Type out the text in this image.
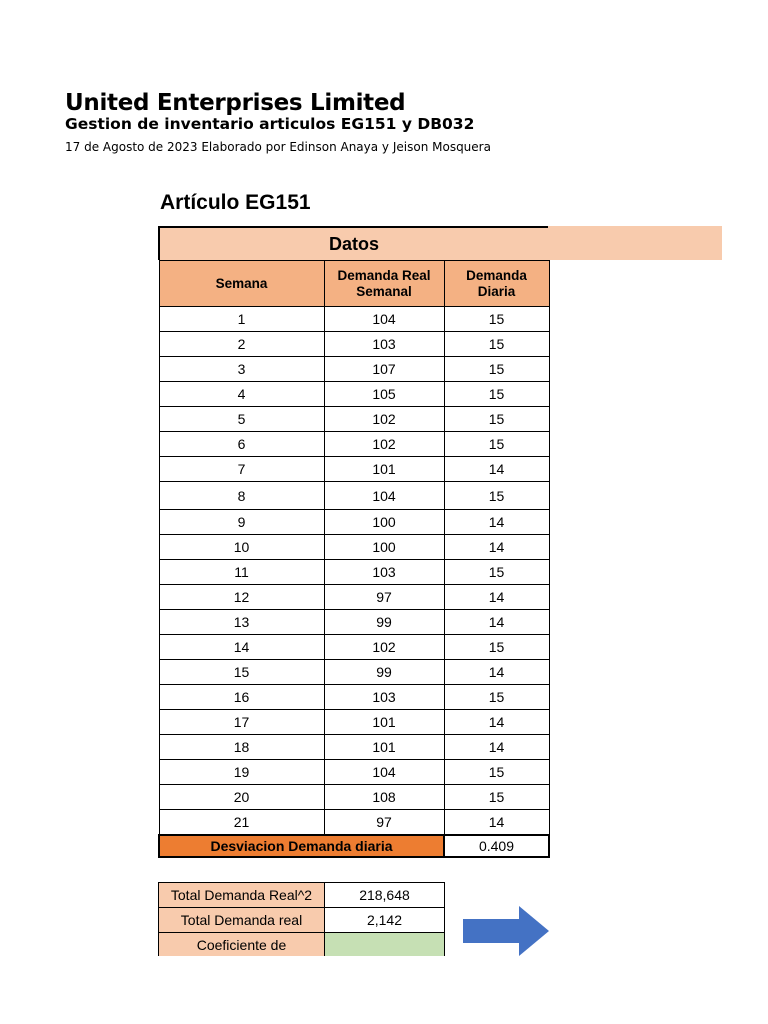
United Enterprises Limited
Gestion de inventario articulos EG151 y DB032

17 de Agosto de 2023 Elaborado por Edinson Anaya y Jeison Mosquera

Artículo EG151
Datos
Semana	Demanda Real Semanal	Demanda Diaria
1	104	15
2	103	15
3	107	15
4	105	15
5	102	15
6	102	15
7	101	14
8	104	15
9	100	14
10	100	14
11	103	15
12	97	14
13	99	14
14	102	15
15	99	14
16	103	15
17	101	14
18	101	14
19	104	15
20	108	15
21	97	14
Desviacion Demanda diaria		0.409
Total Demanda Real^2	218,648
Total Demanda real	2,142
Coeficiente de	
